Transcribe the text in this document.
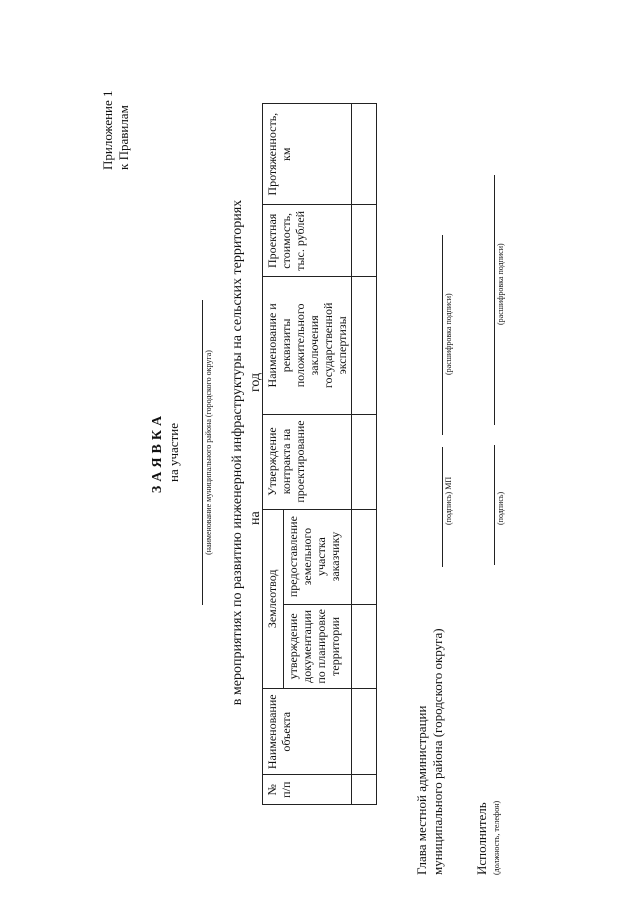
Приложение 1 к Правилам
ЗАЯВКА на участие	(наименование муниципального района (городского округа) в мероприятиях по развитию инженерной инфраструктуры на сельских территориях на
год
№ п/п	Наименование объекта	Землеотвод		Утверждение контракта на проектирование	Наименование и реквизиты положительного заключения государственной экспертизы	Проектная стоимость, тыс. рублей	Протяженность, км
		утверждение документации по планировке территории	предоставление земельного участка заказчику				

Глава местной администрации муниципального района (городского округа)
(подпись) МП
(расшифровка подписи)
Исполнитель (должность, телефон)
(подпись)
(расшифровка подписи)
